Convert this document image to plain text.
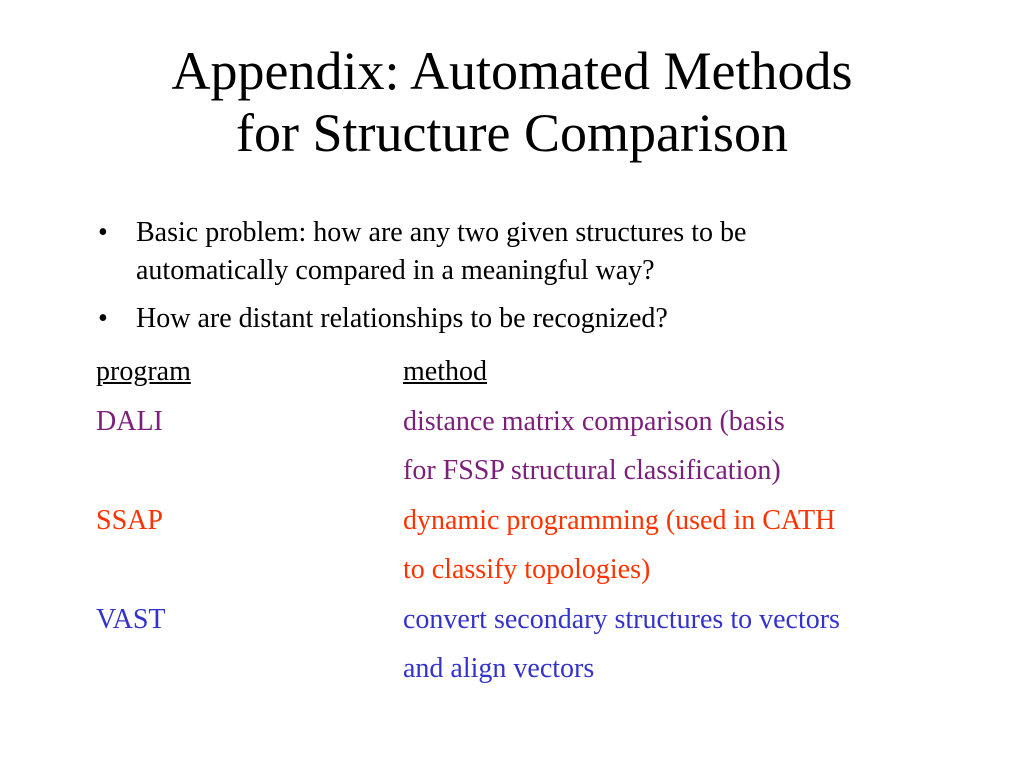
Appendix: Automated Methods
for Structure Comparison
• Basic problem: how are any two given structures to be
automatically compared in a meaningful way?
• How are distant relationships to be recognized?
program	method
DALI	distance matrix comparison (basis
for FSSP structural classification)
SSAP	dynamic programming (used in CATH
to classify topologies)
VAST	convert secondary structures to vectors
and align vectors
